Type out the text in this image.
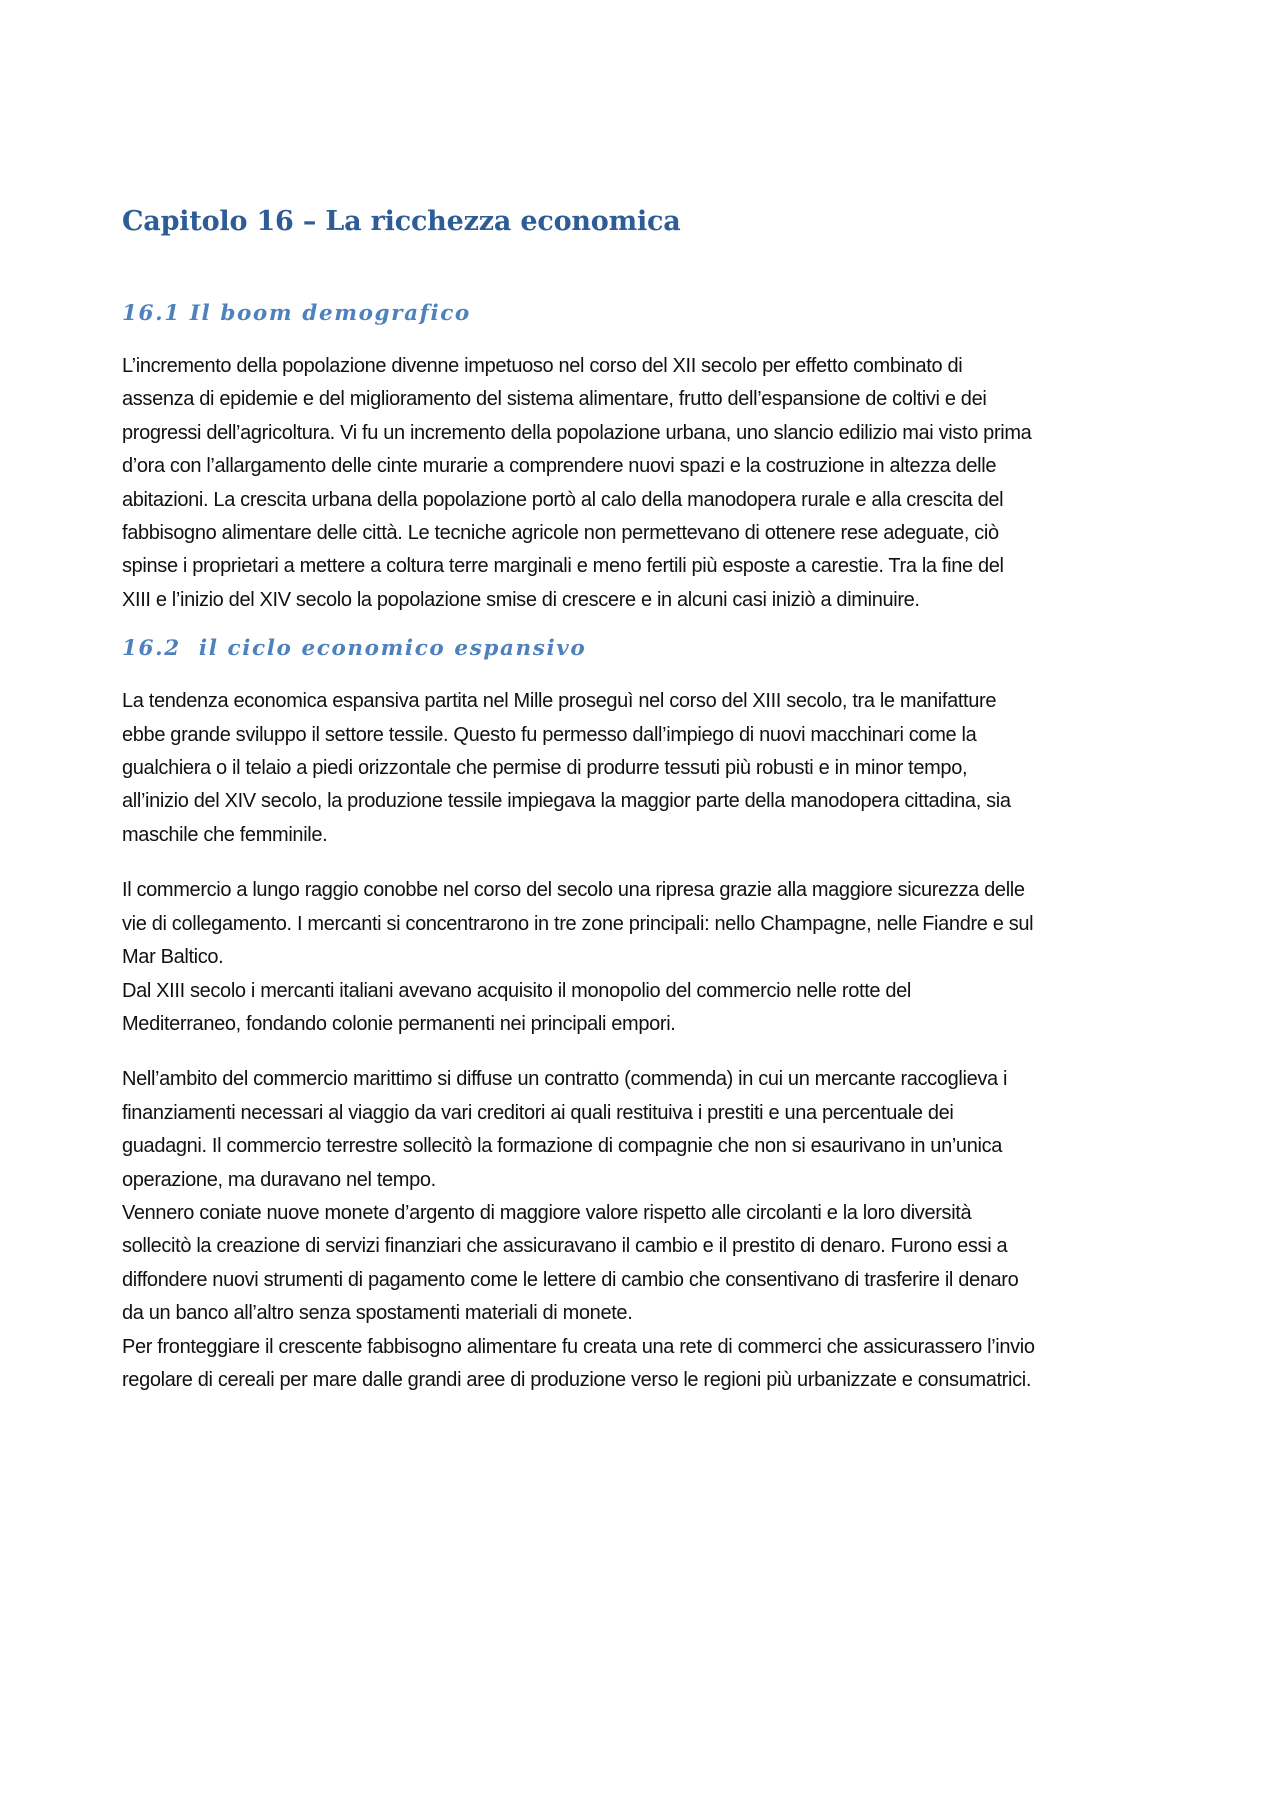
Capitolo 16 – La ricchezza economica
16.1 Il boom demografico

L’incremento della popolazione divenne impetuoso nel corso del XII secolo per effetto combinato di
assenza di epidemie e del miglioramento del sistema alimentare, frutto dell’espansione de coltivi e dei
progressi dell’agricoltura. Vi fu un incremento della popolazione urbana, uno slancio edilizio mai visto prima
d’ora con l’allargamento delle cinte murarie a comprendere nuovi spazi e la costruzione in altezza delle
abitazioni. La crescita urbana della popolazione portò al calo della manodopera rurale e alla crescita del
fabbisogno alimentare delle città. Le tecniche agricole non permettevano di ottenere rese adeguate, ciò
spinse i proprietari a mettere a coltura terre marginali e meno fertili più esposte a carestie. Tra la fine del
XIII e l’inizio del XIV secolo la popolazione smise di crescere e in alcuni casi iniziò a diminuire.

16.2  il ciclo economico espansivo

La tendenza economica espansiva partita nel Mille proseguì nel corso del XIII secolo, tra le manifatture
ebbe grande sviluppo il settore tessile. Questo fu permesso dall’impiego di nuovi macchinari come la
gualchiera o il telaio a piedi orizzontale che permise di produrre tessuti più robusti e in minor tempo,
all’inizio del XIV secolo, la produzione tessile impiegava la maggior parte della manodopera cittadina, sia
maschile che femminile.

Il commercio a lungo raggio conobbe nel corso del secolo una ripresa grazie alla maggiore sicurezza delle
vie di collegamento. I mercanti si concentrarono in tre zone principali: nello Champagne, nelle Fiandre e sul
Mar Baltico.
Dal XIII secolo i mercanti italiani avevano acquisito il monopolio del commercio nelle rotte del
Mediterraneo, fondando colonie permanenti nei principali empori.

Nell’ambito del commercio marittimo si diffuse un contratto (commenda) in cui un mercante raccoglieva i
finanziamenti necessari al viaggio da vari creditori ai quali restituiva i prestiti e una percentuale dei
guadagni. Il commercio terrestre sollecitò la formazione di compagnie che non si esaurivano in un’unica
operazione, ma duravano nel tempo.
Vennero coniate nuove monete d’argento di maggiore valore rispetto alle circolanti e la loro diversità
sollecitò la creazione di servizi finanziari che assicuravano il cambio e il prestito di denaro. Furono essi a
diffondere nuovi strumenti di pagamento come le lettere di cambio che consentivano di trasferire il denaro
da un banco all’altro senza spostamenti materiali di monete.
Per fronteggiare il crescente fabbisogno alimentare fu creata una rete di commerci che assicurassero l’invio
regolare di cereali per mare dalle grandi aree di produzione verso le regioni più urbanizzate e consumatrici.
